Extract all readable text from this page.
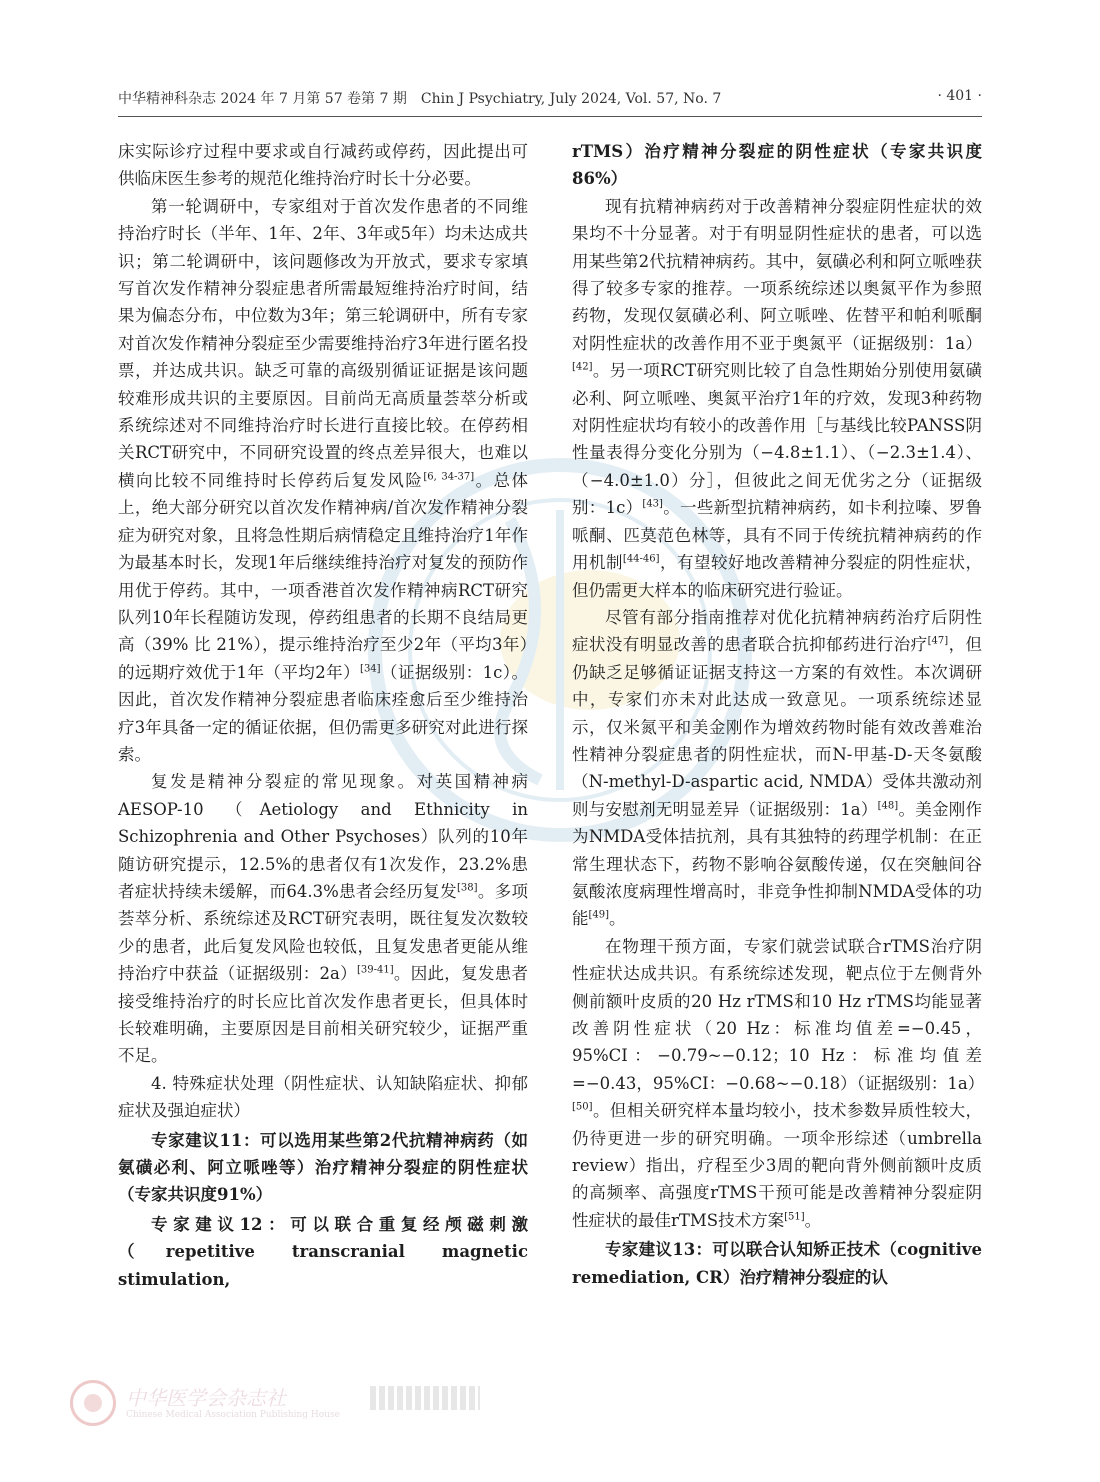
中华精神科杂志 2024 年 7 月第 57 卷第 7 期　Chin J Psychiatry, July 2024, Vol. 57, No. 7	· 401 ·

床实际诊疗过程中要求或自行减药或停药，因此提出可供临床医生参考的规范化维持治疗时长十分必要。

第一轮调研中，专家组对于首次发作患者的不同维持治疗时长（半年、1年、2年、3年或5年）均未达成共识；第二轮调研中，该问题修改为开放式，要求专家填写首次发作精神分裂症患者所需最短维持治疗时间，结果为偏态分布，中位数为3年；第三轮调研中，所有专家对首次发作精神分裂症至少需要维持治疗3年进行匿名投票，并达成共识。缺乏可靠的高级别循证证据是该问题较难形成共识的主要原因。目前尚无高质量荟萃分析或系统综述对不同维持治疗时长进行直接比较。在停药相关RCT研究中，不同研究设置的终点差异很大，也难以横向比较不同维持时长停药后复发风险[6, 34-37]。总体上，绝大部分研究以首次发作精神病/首次发作精神分裂症为研究对象，且将急性期后病情稳定且维持治疗1年作为最基本时长，发现1年后继续维持治疗对复发的预防作用优于停药。其中，一项香港首次发作精神病RCT研究队列10年长程随访发现，停药组患者的长期不良结局更高（39% 比 21%），提示维持治疗至少2年（平均3年）的远期疗效优于1年（平均2年）[34]（证据级别：1c）。因此，首次发作精神分裂症患者临床痊愈后至少维持治疗3年具备一定的循证依据，但仍需更多研究对此进行探索。

复发是精神分裂症的常见现象。对英国精神病 AESOP-10 （Aetiology and Ethnicity in Schizophrenia and Other Psychoses）队列的10年随访研究提示，12.5%的患者仅有1次发作，23.2%患者症状持续未缓解，而64.3%患者会经历复发[38]。多项荟萃分析、系统综述及RCT研究表明，既往复发次数较少的患者，此后复发风险也较低，且复发患者更能从维持治疗中获益（证据级别：2a）[39-41]。因此，复发患者接受维持治疗的时长应比首次发作患者更长，但具体时长较难明确，主要原因是目前相关研究较少，证据严重不足。

4. 特殊症状处理（阴性症状、认知缺陷症状、抑郁症状及强迫症状）

专家建议11：可以选用某些第2代抗精神病药（如氨磺必利、阿立哌唑等）治疗精神分裂症的阴性症状（专家共识度91%）

专家建议12：可以联合重复经颅磁刺激（repetitive transcranial magnetic stimulation,

rTMS）治疗精神分裂症的阴性症状（专家共识度86%）

现有抗精神病药对于改善精神分裂症阴性症状的效果均不十分显著。对于有明显阴性症状的患者，可以选用某些第2代抗精神病药。其中，氨磺必利和阿立哌唑获得了较多专家的推荐。一项系统综述以奥氮平作为参照药物，发现仅氨磺必利、阿立哌唑、佐替平和帕利哌酮对阴性症状的改善作用不亚于奥氮平（证据级别：1a）[42]。另一项RCT研究则比较了自急性期始分别使用氨磺必利、阿立哌唑、奥氮平治疗1年的疗效，发现3种药物对阴性症状均有较小的改善作用［与基线比较PANSS阴性量表得分变化分别为（−4.8±1.1）、（−2.3±1.4）、（−4.0±1.0）分］，但彼此之间无优劣之分（证据级别：1c）[43]。一些新型抗精神病药，如卡利拉嗪、罗鲁哌酮、匹莫范色林等，具有不同于传统抗精神病药的作用机制[44-46]，有望较好地改善精神分裂症的阴性症状，但仍需更大样本的临床研究进行验证。

尽管有部分指南推荐对优化抗精神病药治疗后阴性症状没有明显改善的患者联合抗抑郁药进行治疗[47]，但仍缺乏足够循证证据支持这一方案的有效性。本次调研中，专家们亦未对此达成一致意见。一项系统综述显示，仅米氮平和美金刚作为增效药物时能有效改善难治性精神分裂症患者的阴性症状，而N-甲基-D-天冬氨酸（N-methyl-D-aspartic acid, NMDA）受体共激动剂则与安慰剂无明显差异（证据级别：1a）[48]。美金刚作为NMDA受体拮抗剂，具有其独特的药理学机制：在正常生理状态下，药物不影响谷氨酸传递，仅在突触间谷氨酸浓度病理性增高时，非竞争性抑制NMDA受体的功能[49]。

在物理干预方面，专家们就尝试联合rTMS治疗阴性症状达成共识。有系统综述发现，靶点位于左侧背外侧前额叶皮质的20 Hz rTMS和10 Hz rTMS均能显著改善阴性症状（20 Hz：标准均值差=−0.45，95%CI：−0.79~−0.12；10 Hz：标准均值差=−0.43，95%CI：−0.68~−0.18）（证据级别：1a）[50]。但相关研究样本量均较小，技术参数异质性较大，仍待更进一步的研究明确。一项伞形综述（umbrella review）指出，疗程至少3周的靶向背外侧前额叶皮质的高频率、高强度rTMS干预可能是改善精神分裂症阴性症状的最佳rTMS技术方案[51]。

专家建议13：可以联合认知矫正技术（cognitive remediation, CR）治疗精神分裂症的认

中华医学会杂志社
Chinese Medical Association Publishing House
